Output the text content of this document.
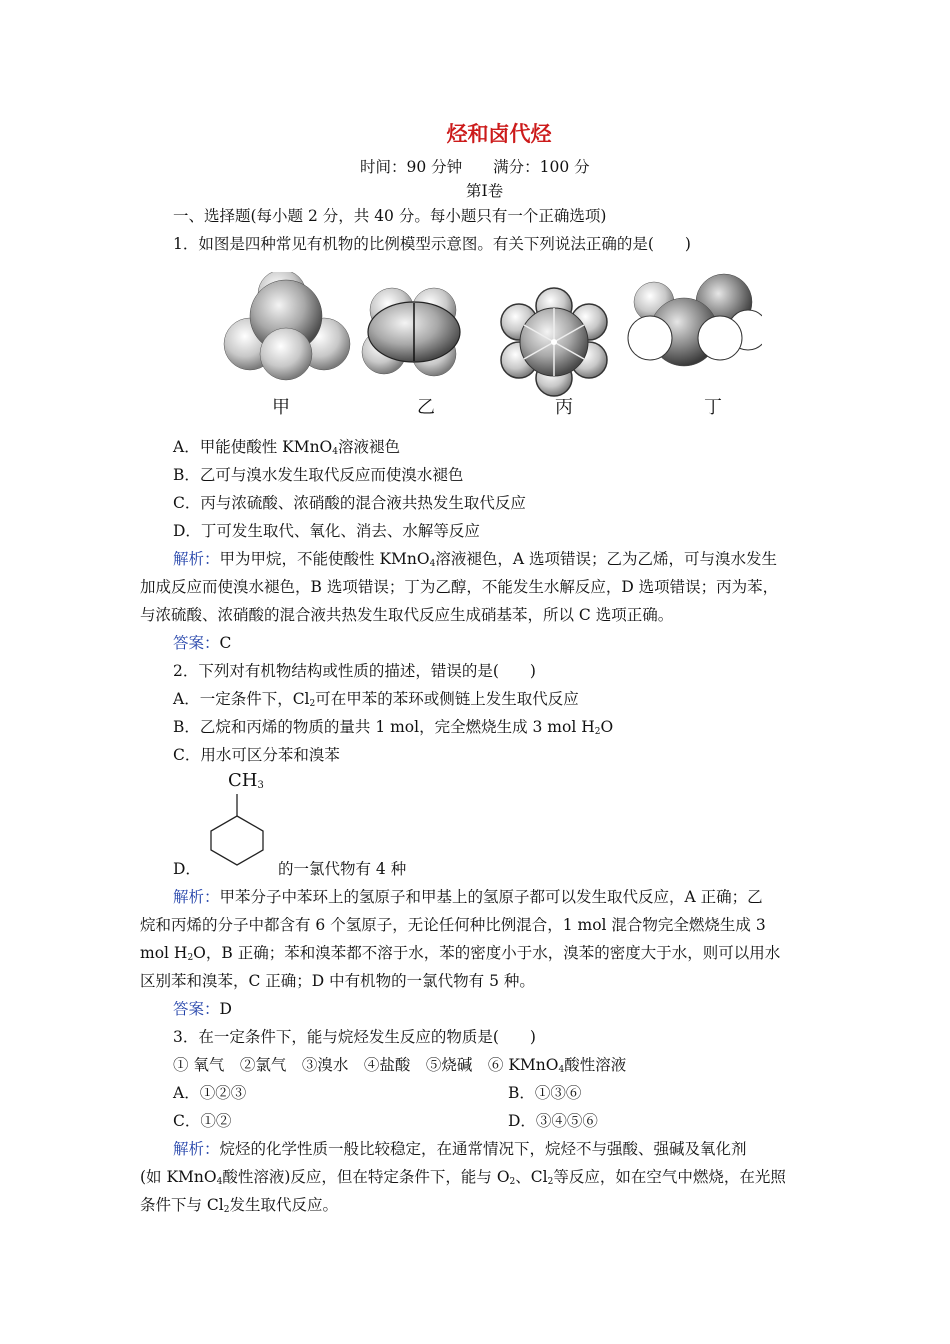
烃和卤代烃
时间：90 分钟　　 满分：100 分
第Ⅰ卷
一、选择题(每小题 2 分，共 40 分。每小题只有一个正确选项)
1．如图是四种常见有机物的比例模型示意图。有关下列说法正确的是(　　)
甲	乙	丙	丁
A．甲能使酸性 KMnO$_4$溶液褪色
B．乙可与溴水发生取代反应而使溴水褪色
C．丙与浓硫酸、浓硝酸的混合液共热发生取代反应
D．丁可发生取代、氧化、消去、水解等反应
解析：甲为甲烷，不能使酸性 KMnO$_4$溶液褪色，A 选项错误；乙为乙烯，可与溴水发生
加成反应而使溴水褪色，B 选项错误；丁为乙醇，不能发生水解反应，D 选项错误；丙为苯，
与浓硫酸、浓硝酸的混合液共热发生取代反应生成硝基苯，所以 C 选项正确。
答案：C
2．下列对有机物结构或性质的描述，错误的是(　　)
A．一定条件下，$Cl_2$可在甲苯的苯环或侧链上发生取代反应
B．乙烷和丙烯的物质的量共 1 mol，完全燃烧生成 3 mol $H_2O$
C．用水可区分苯和溴苯
$CH_3$
D．	的一氯代物有 4 种
解析：甲苯分子中苯环上的氢原子和甲基上的氢原子都可以发生取代反应，A 正确；乙
烷和丙烯的分子中都含有 6 个氢原子，无论任何种比例混合，1 mol 混合物完全燃烧生成 3
mol $H_2O$，B 正确；苯和溴苯都不溶于水，苯的密度小于水，溴苯的密度大于水，则可以用水
区别苯和溴苯，C 正确；D 中有机物的一氯代物有 5 种。
答案：D
3．在一定条件下，能与烷烃发生反应的物质是(　　)
① 氧气　②氯气　③溴水　④盐酸　⑤烧碱　⑥ KMnO$_4$酸性溶液
A．①②③	B．①③⑥
C．①②	D．③④⑤⑥
解析：烷烃的化学性质一般比较稳定，在通常情况下，烷烃不与强酸、强碱及氧化剂
(如 KMnO$_4$酸性溶液)反应，但在特定条件下，能与 $O_2$、$Cl_2$等反应，如在空气中燃烧，在光照
条件下与 $Cl_2$发生取代反应。
